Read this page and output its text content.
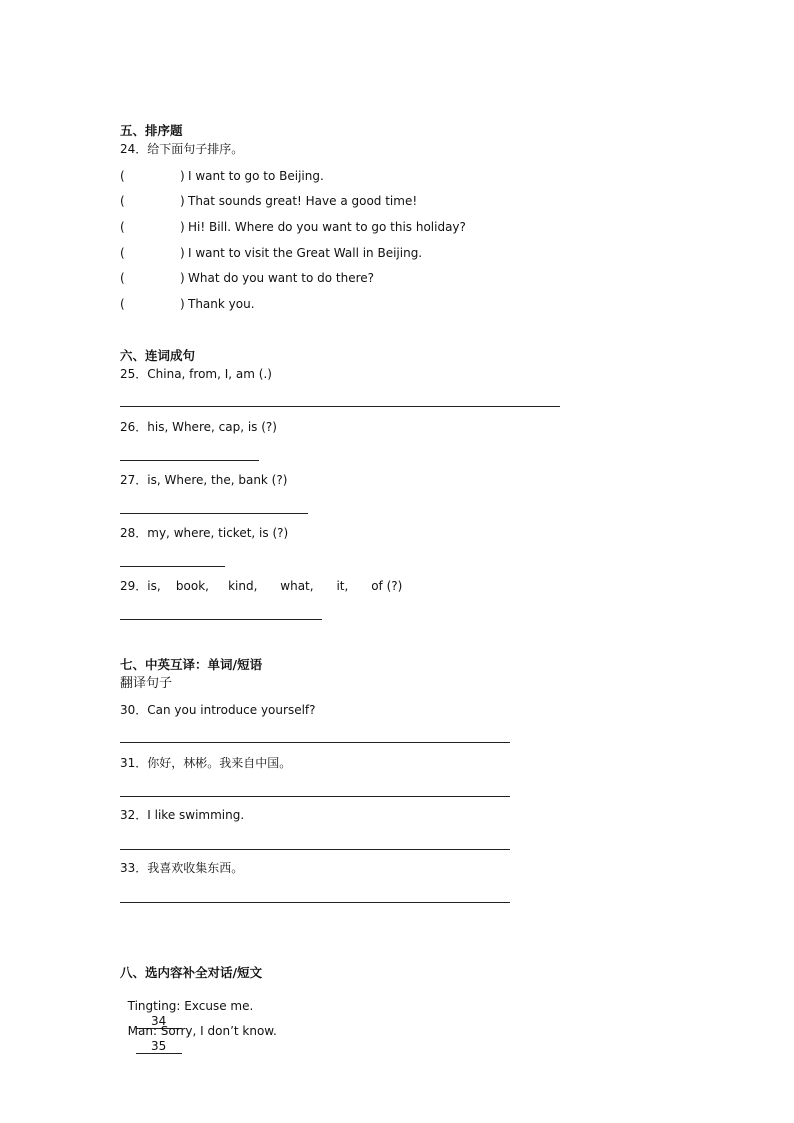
五、排序题
24．给下面句子排序。
(	) I want to go to Beijing.
(	) That sounds great! Have a good time!
(	) Hi! Bill. Where do you want to go this holiday?
(	) I want to visit the Great Wall in Beijing.
(	) What do you want to do there?
(	) Thank you.
六、连词成句
25．China, from, I, am (.)
26．his, Where, cap, is (?)
27．is, Where, the, bank (?)
28．my, where, ticket, is (?)
29．is,    book,     kind,      what,      it,      of (?)
七、中英互译：单词/短语
翻译句子
30．Can you introduce yourself?
31．你好，林彬。我来自中国。
32．I like swimming.
33．我喜欢收集东西。
八、选内容补全对话/短文

Tingting: Excuse me.
34

Man: Sorry, I don’t know.
35
